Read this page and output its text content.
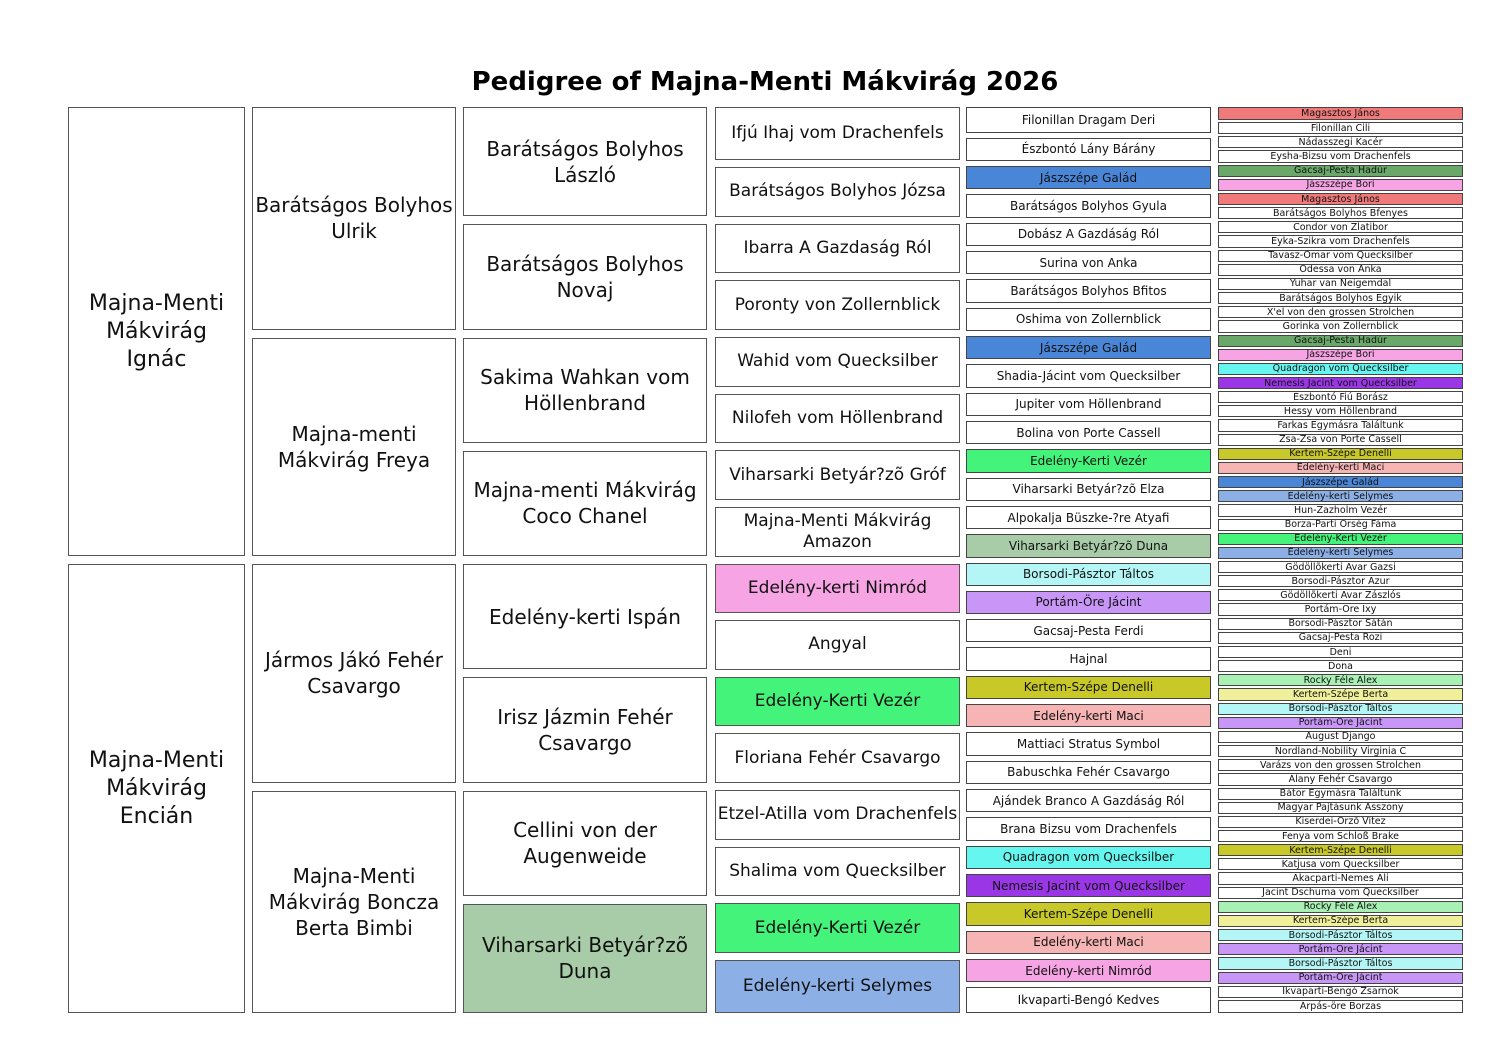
Pedigree of Majna-Menti Mákvirág 2026
Majna-Menti Mákvirág Ignác
Majna-Menti Mákvirág Encián
Barátságos Bolyhos Ulrik
Majna-menti Mákvirág Freya
Jármos Jákó Fehér Csavargo
Majna-Menti Mákvirág Boncza Berta Bimbi
Barátságos Bolyhos László
Barátságos Bolyhos Novaj
Sakima Wahkan vom Höllenbrand
Majna-menti Mákvirág Coco Chanel
Edelény-kerti Ispán
Irisz Jázmin Fehér Csavargo
Cellini von der Augenweide
Viharsarki Betyár?zõ Duna
Ifjú Ihaj vom Drachenfels
Barátságos Bolyhos Józsa
Ibarra A Gazdaság Ról
Poronty von Zollernblick
Wahid vom Quecksilber
Nilofeh vom Höllenbrand
Viharsarki Betyár?zõ Gróf
Majna-Menti Mákvirág Amazon
Edelény-kerti Nimród
Angyal
Edelény-Kerti Vezér
Floriana Fehér Csavargo
Etzel-Atilla vom Drachenfels
Shalima vom Quecksilber
Edelény-Kerti Vezér
Edelény-kerti Selymes
Filonillan Dragam Deri
Észbontó Lány Bárány
Jászszépe Galád
Barátságos Bolyhos Gyula
Dobász A Gazdáság Ról
Surina von Anka
Barátságos Bolyhos Bfitos
Oshima von Zollernblick
Jászszépe Galád
Shadia-Jácint vom Quecksilber
Jupiter vom Höllenbrand
Bolina von Porte Cassell
Edelény-Kerti Vezér
Viharsarki Betyár?zõ Elza
Alpokalja Büszke-?re Atyafi
Viharsarki Betyár?zõ Duna
Borsodi-Pásztor Táltos
Portám-Öre Jácint
Gacsaj-Pesta Ferdi
Hajnal
Kertem-Szépe Denelli
Edelény-kerti Maci
Mattiaci Stratus Symbol
Babuschka Fehér Csavargo
Ajándek Branco A Gazdáság Ról
Brana Bizsu vom Drachenfels
Quadragon vom Quecksilber
Nemesis Jacint vom Quecksilber
Kertem-Szépe Denelli
Edelény-kerti Maci
Edelény-kerti Nimród
Ikvaparti-Bengó Kedves
Magasztos János
Filonillan Cili
Nádasszegi Kacér
Eysha-Bizsu vom Drachenfels
Gacsaj-Pesta Hadúr
Jászszépe Bori
Magasztos János
Barátságos Bolyhos Bfenyes
Condor von Zlatibor
Eyka-Szikra vom Drachenfels
Tavasz-Omar vom Quecksilber
Odessa von Anka
Yuhar van Neigemdal
Barátságos Bolyhos Egyik
X'el von den grossen Strolchen
Gorinka von Zollernblick
Gacsaj-Pesta Hadúr
Jászszépe Bori
Quadragon vom Quecksilber
Nemesis Jacint vom Quecksilber
Észbontó Fiú Borász
Hessy vom Höllenbrand
Farkas Egymásra Találtunk
Zsa-Zsa von Porte Cassell
Kertem-Szépe Denelli
Edelény-kerti Maci
Jászszépe Galád
Edelény-kerti Selymes
Hun-Zazholm Vezér
Borza-Parti Örség Fáma
Edelény-Kerti Vezér
Edelény-kerti Selymes
Gödöllõkerti Avar Gazsi
Borsodi-Pásztor Azur
Gödöllõkerti Avar Zászlós
Portám-Öre Ixy
Borsodi-Pásztor Sátán
Gacsaj-Pesta Rozi
Deni
Dona
Rocky Féle Alex
Kertem-Szépe Berta
Borsodi-Pásztor Táltos
Portám-Öre Jácint
August Django
Nordland-Nobility Virginia C
Varázs von den grossen Strolchen
Alany Fehér Csavargo
Bátor Egymásra Találtunk
Magyar Pajtásunk Asszony
Kiserdei-Örzõ Vitez
Fenya vom Schloß Brake
Kertem-Szépe Denelli
Katjusa vom Quecksilber
Akacparti-Nemes Ali
Jacint Dschuma vom Quecksilber
Rocky Féle Alex
Kertem-Szépe Berta
Borsodi-Pásztor Táltos
Portám-Öre Jácint
Borsodi-Pásztor Táltos
Portám-Öre Jácint
Ikvaparti-Bengó Zsarnok
Árpás-öre Borzas
